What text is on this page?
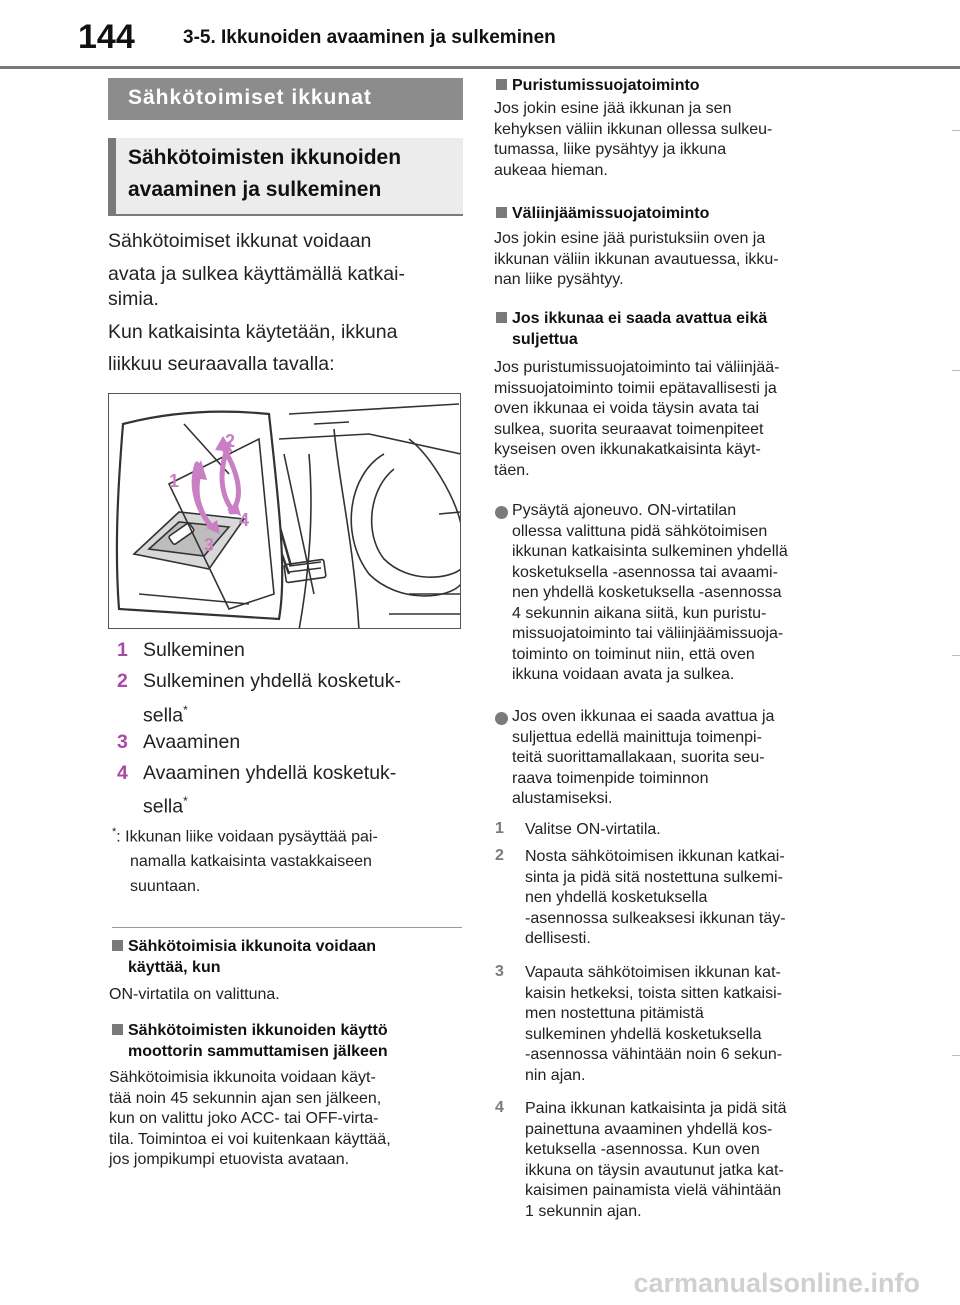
144	3-5. Ikkunoiden avaaminen ja sulkeminen
Sähkötoimiset ikkunat
Sähkötoimisten ikkunoiden
avaaminen ja sulkeminen
Sähkötoimiset ikkunat voidaan
avata ja sulkea käyttämällä katkai-
simia.
Kun katkaisinta käytetään, ikkuna
liikkuu seuraavalla tavalla:
1
2
3
4
1 Sulkeminen
2 Sulkeminen yhdellä kosketuk-
sella*
3 Avaaminen
4 Avaaminen yhdellä kosketuk-
sella*
*: Ikkunan liike voidaan pysäyttää pai-
namalla katkaisinta vastakkaiseen
suuntaan.
Sähkötoimisia ikkunoita voidaan
käyttää, kun
ON-virtatila on valittuna.
Sähkötoimisten ikkunoiden käyttö
moottorin sammuttamisen jälkeen
Sähkötoimisia ikkunoita voidaan käyt-
tää noin 45 sekunnin ajan sen jälkeen,
kun on valittu joko ACC- tai OFF-virta-
tila. Toimintoa ei voi kuitenkaan käyttää,
jos jompikumpi etuovista avataan.
Puristumissuojatoiminto
Jos jokin esine jää ikkunan ja sen
kehyksen väliin ikkunan ollessa sulkeu-
tumassa, liike pysähtyy ja ikkuna
aukeaa hieman.
Väliinjäämissuojatoiminto
Jos jokin esine jää puristuksiin oven ja
ikkunan väliin ikkunan avautuessa, ikku-
nan liike pysähtyy.
Jos ikkunaa ei saada avattua eikä
suljettua
Jos puristumissuojatoiminto tai väliinjää-
missuojatoiminto toimii epätavallisesti ja
oven ikkunaa ei voida täysin avata tai
sulkea, suorita seuraavat toimenpiteet
kyseisen oven ikkunakatkaisinta käyt-
täen.
Pysäytä ajoneuvo. ON-virtatilan
ollessa valittuna pidä sähkötoimisen
ikkunan katkaisinta sulkeminen yhdellä
kosketuksella -asennossa tai avaami-
nen yhdellä kosketuksella -asennossa
4 sekunnin aikana siitä, kun puristu-
missuojatoiminto tai väliinjäämissuoja-
toiminto on toiminut niin, että oven
ikkuna voidaan avata ja sulkea.
Jos oven ikkunaa ei saada avattua ja
suljettua edellä mainittuja toimenpi-
teitä suorittamallakaan, suorita seu-
raava toimenpide toiminnon
alustamiseksi.
1 Valitse ON-virtatila.
2 Nosta sähkötoimisen ikkunan katkai-
sinta ja pidä sitä nostettuna sulkemi-
nen yhdellä kosketuksella
-asennossa sulkeaksesi ikkunan täy-
dellisesti.
3 Vapauta sähkötoimisen ikkunan kat-
kaisin hetkeksi, toista sitten katkaisi-
men nostettuna pitämistä
sulkeminen yhdellä kosketuksella
-asennossa vähintään noin 6 sekun-
nin ajan.
4 Paina ikkunan katkaisinta ja pidä sitä
painettuna avaaminen yhdellä kos-
ketuksella -asennossa. Kun oven
ikkuna on täysin avautunut jatka kat-
kaisimen painamista vielä vähintään
1 sekunnin ajan.
carmanualsonline.info
